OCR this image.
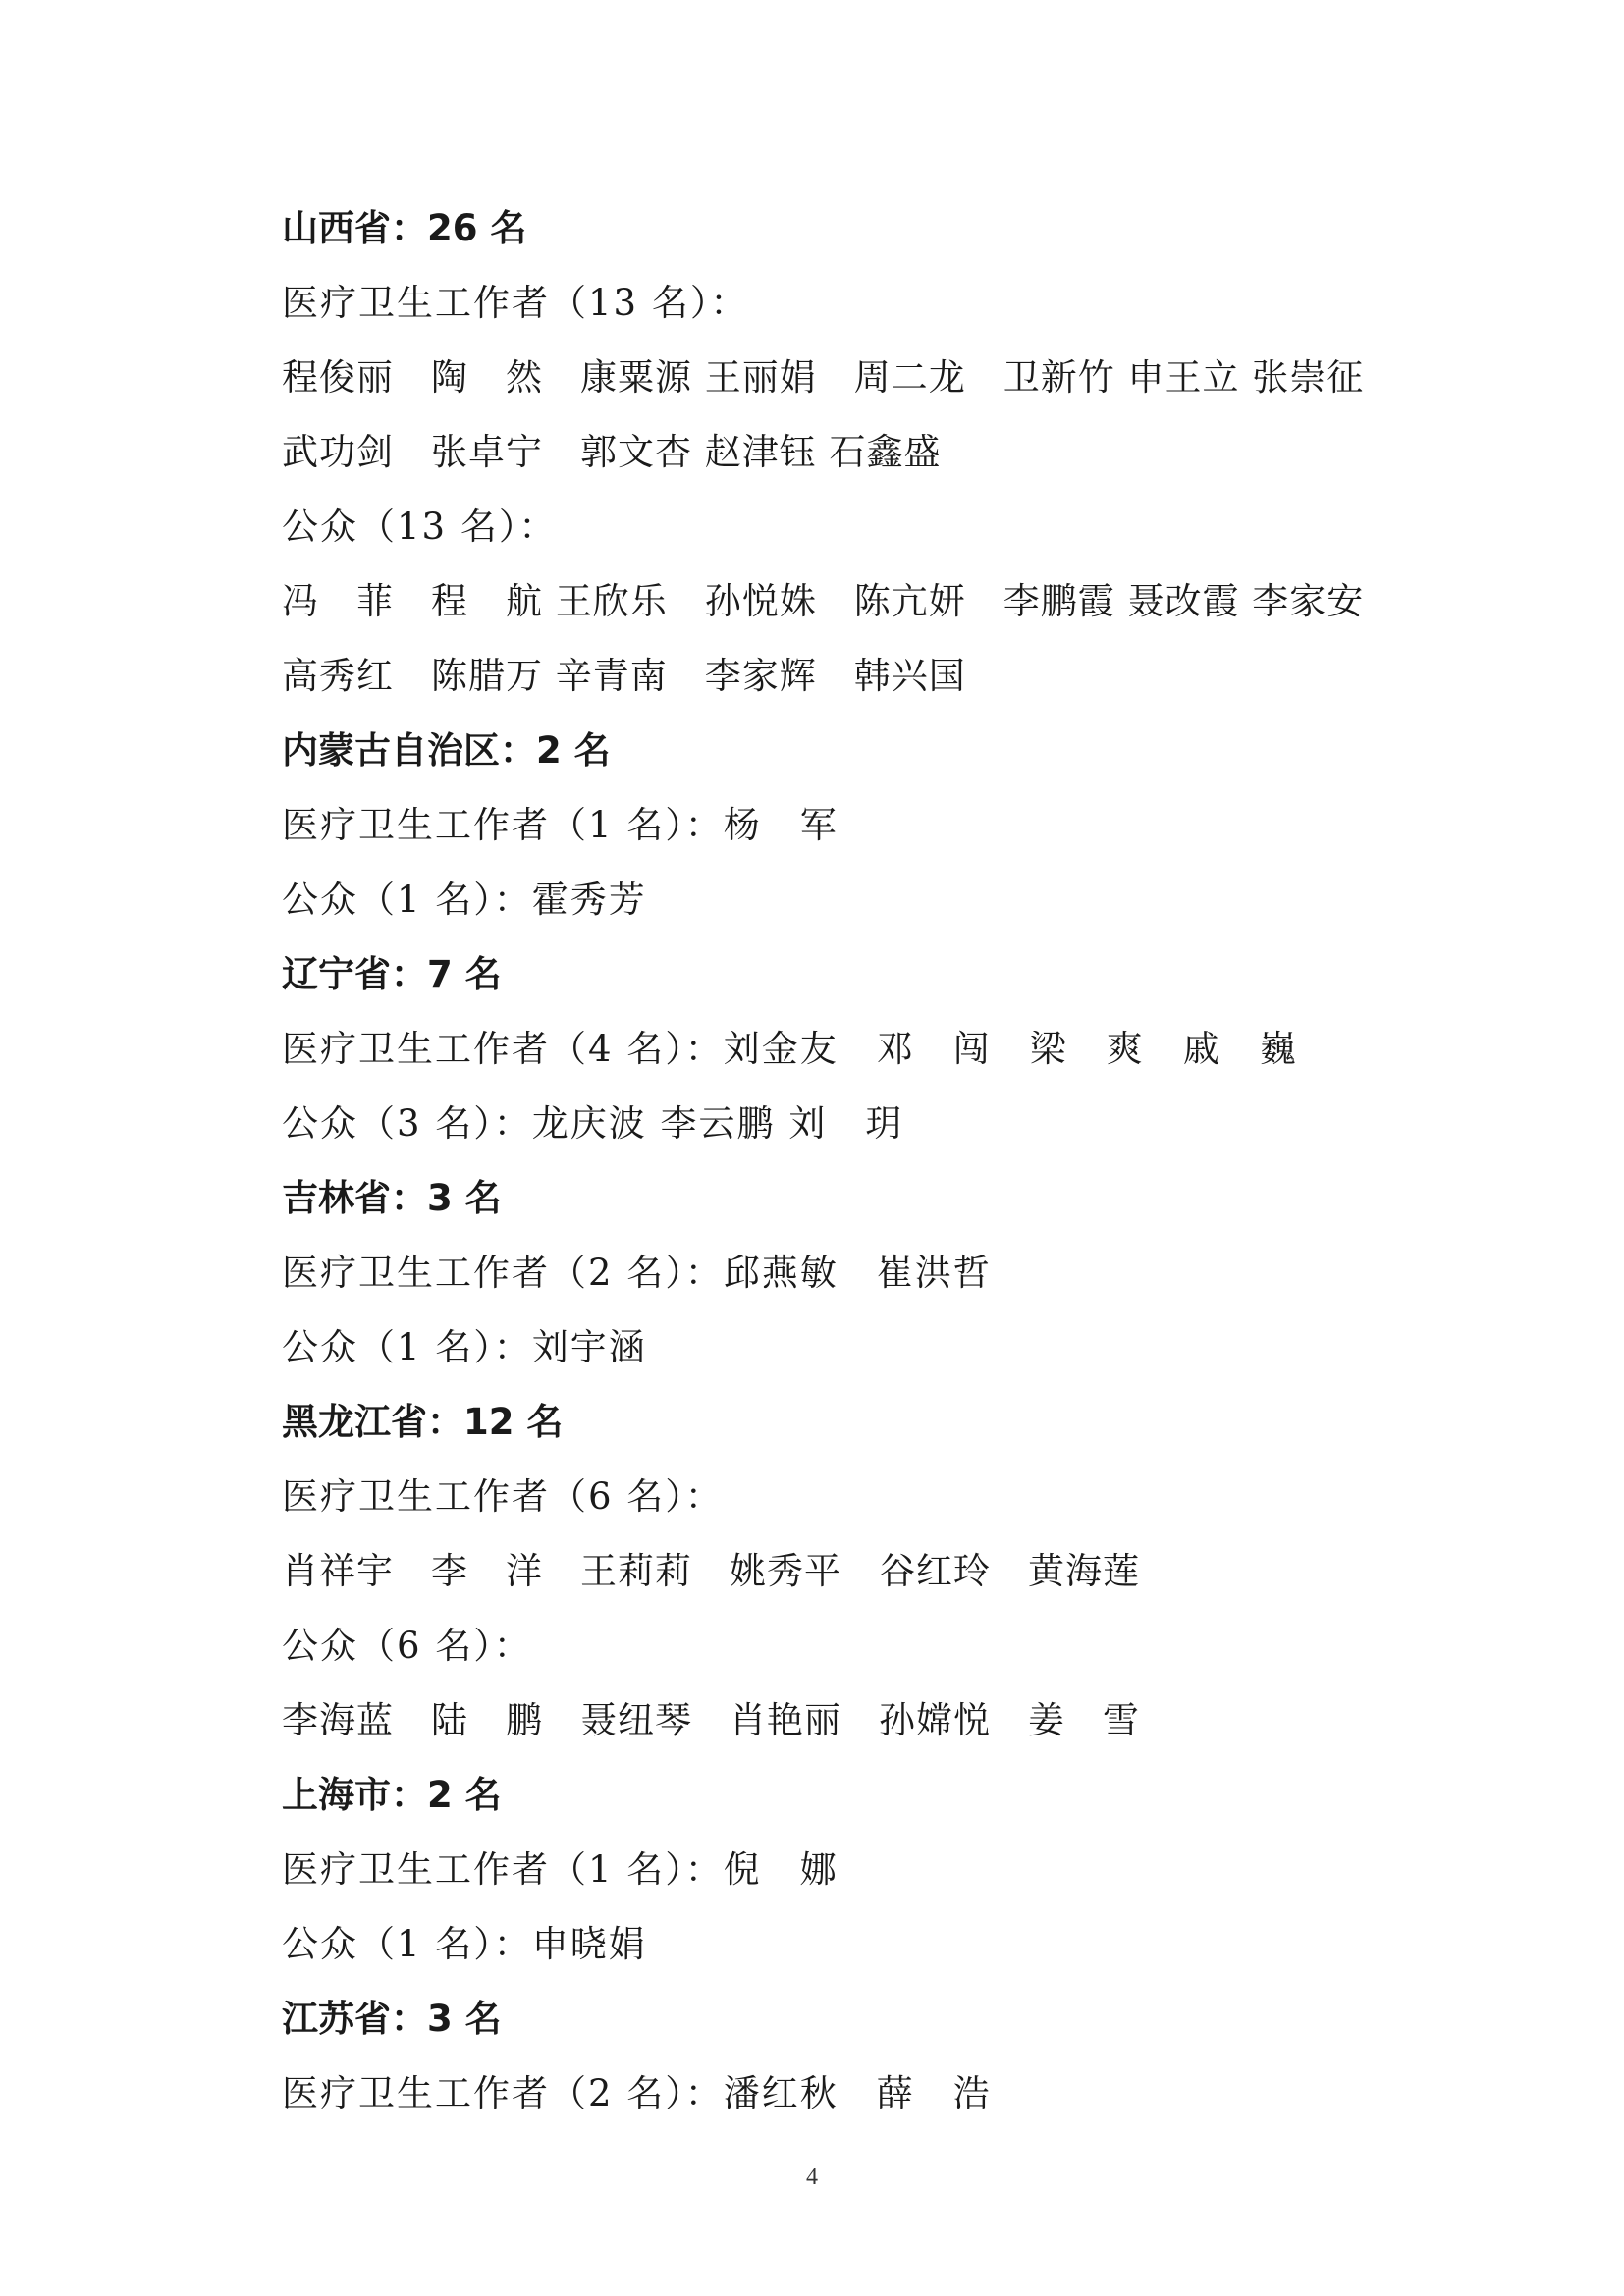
山西省：26 名
医疗卫生工作者（13 名）：
程俊丽　陶　然　康粟源 王丽娟　周二龙　卫新竹 申王立 张崇征
武功剑　张卓宁　郭文杏 赵津钰 石鑫盛
公众（13 名）：
冯　菲　程　航 王欣乐　孙悦姝　陈亢妍　李鹏霞 聂改霞 李家安
高秀红　陈腊万 辛青南　李家辉　韩兴国
内蒙古自治区：2 名
医疗卫生工作者（1 名）：杨　军
公众（1 名）：霍秀芳
辽宁省：7 名
医疗卫生工作者（4 名）：刘金友　邓　闯　梁　爽　戚　巍
公众（3 名）：龙庆波 李云鹏 刘　玥
吉林省：3 名
医疗卫生工作者（2 名）：邱燕敏　崔洪哲
公众（1 名）：刘宇涵
黑龙江省：12 名
医疗卫生工作者（6 名）：
肖祥宇　李　洋　王莉莉　姚秀平　谷红玲　黄海莲
公众（6 名）：
李海蓝　陆　鹏　聂纽琴　肖艳丽　孙嫦悦　姜　雪
上海市：2 名
医疗卫生工作者（1 名）：倪　娜
公众（1 名）：申晓娟
江苏省：3 名
医疗卫生工作者（2 名）：潘红秋　薛　浩
4
